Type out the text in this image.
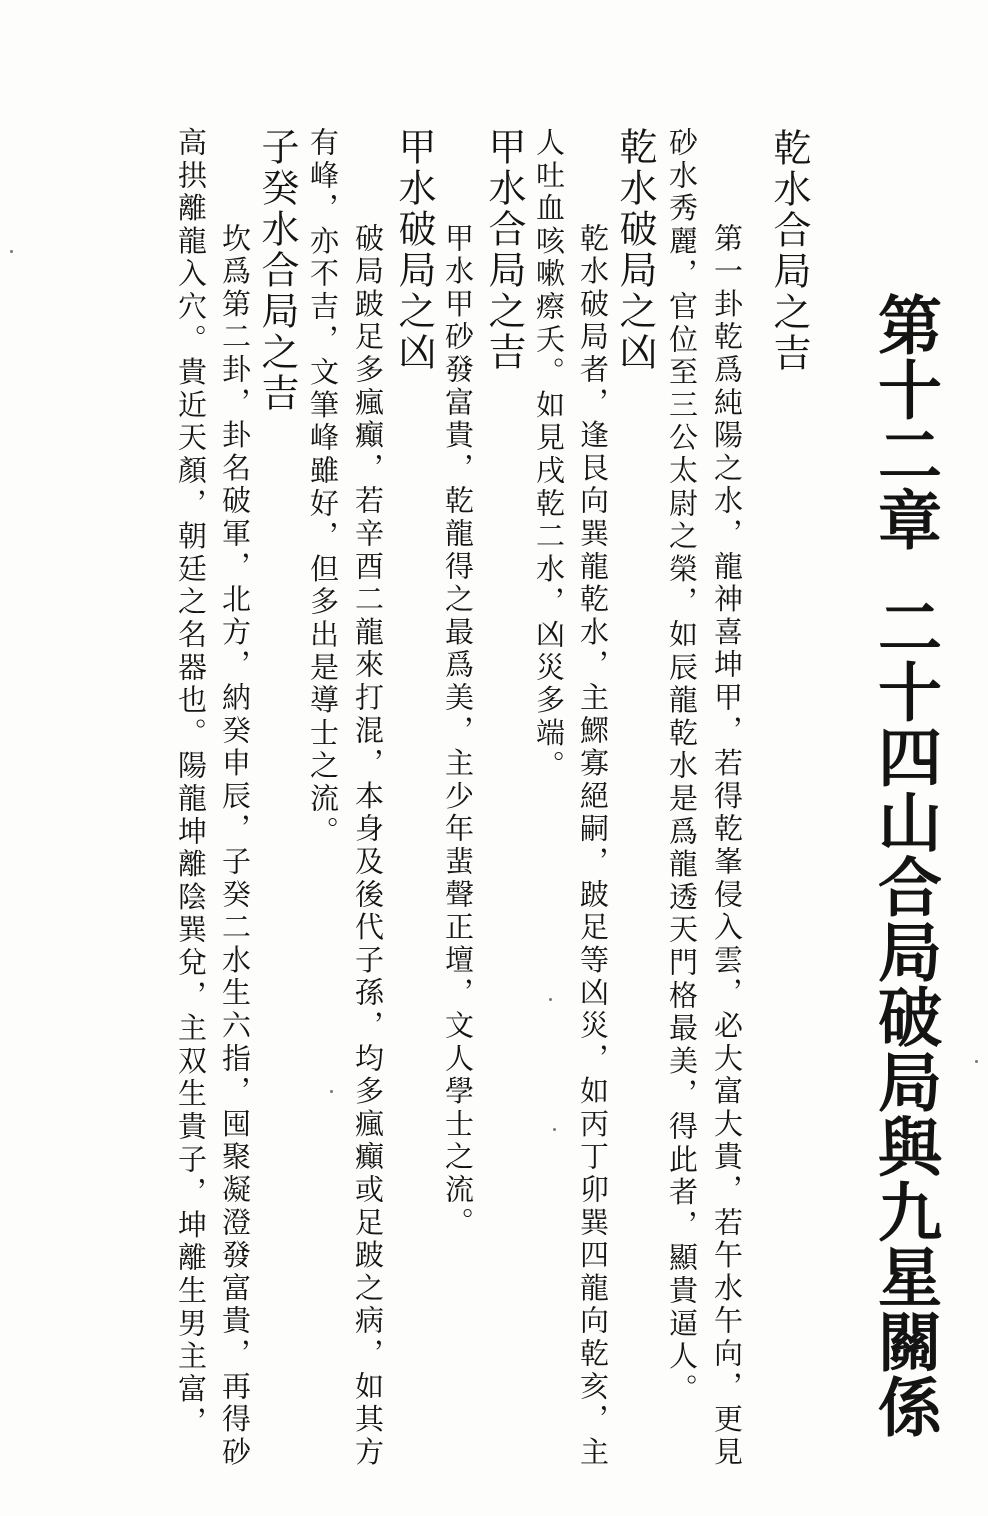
第十二章二十四山合局破局與九星關係
乾水合局之吉
　第一卦乾爲純陽之水，龍神喜坤甲，若得乾峯侵入雲，必大富大貴，若午水午向，更見
砂水秀麗，官位至三公太尉之榮，如辰龍乾水是爲龍透天門格最美，得此者，顯貴逼人。
乾水破局之凶
　乾水破局者，逢艮向巽龍乾水，主鰥寡絕嗣，跛足等凶災，如丙丁卯巽四龍向乾亥，主
人吐血咳嗽瘵夭。如見戌乾二水，凶災多端。
甲水合局之吉
　甲水甲砂發富貴，乾龍得之最爲美，主少年蜚聲正壇，文人學士之流。
甲水破局之凶
　破局跛足多瘋癲，若辛酉二龍來打混，本身及後代子孫，均多瘋癲或足跛之病，如其方
有峰，亦不吉，文筆峰雖好，但多出是導士之流。
子癸水合局之吉
　坎爲第二卦，卦名破軍，北方，納癸申辰，子癸二水生六指，囤聚凝澄發富貴，再得砂
高拱離龍入穴。貴近天顏，朝廷之名器也。陽龍坤離陰巽兌，主双生貴子，坤離生男主富，
